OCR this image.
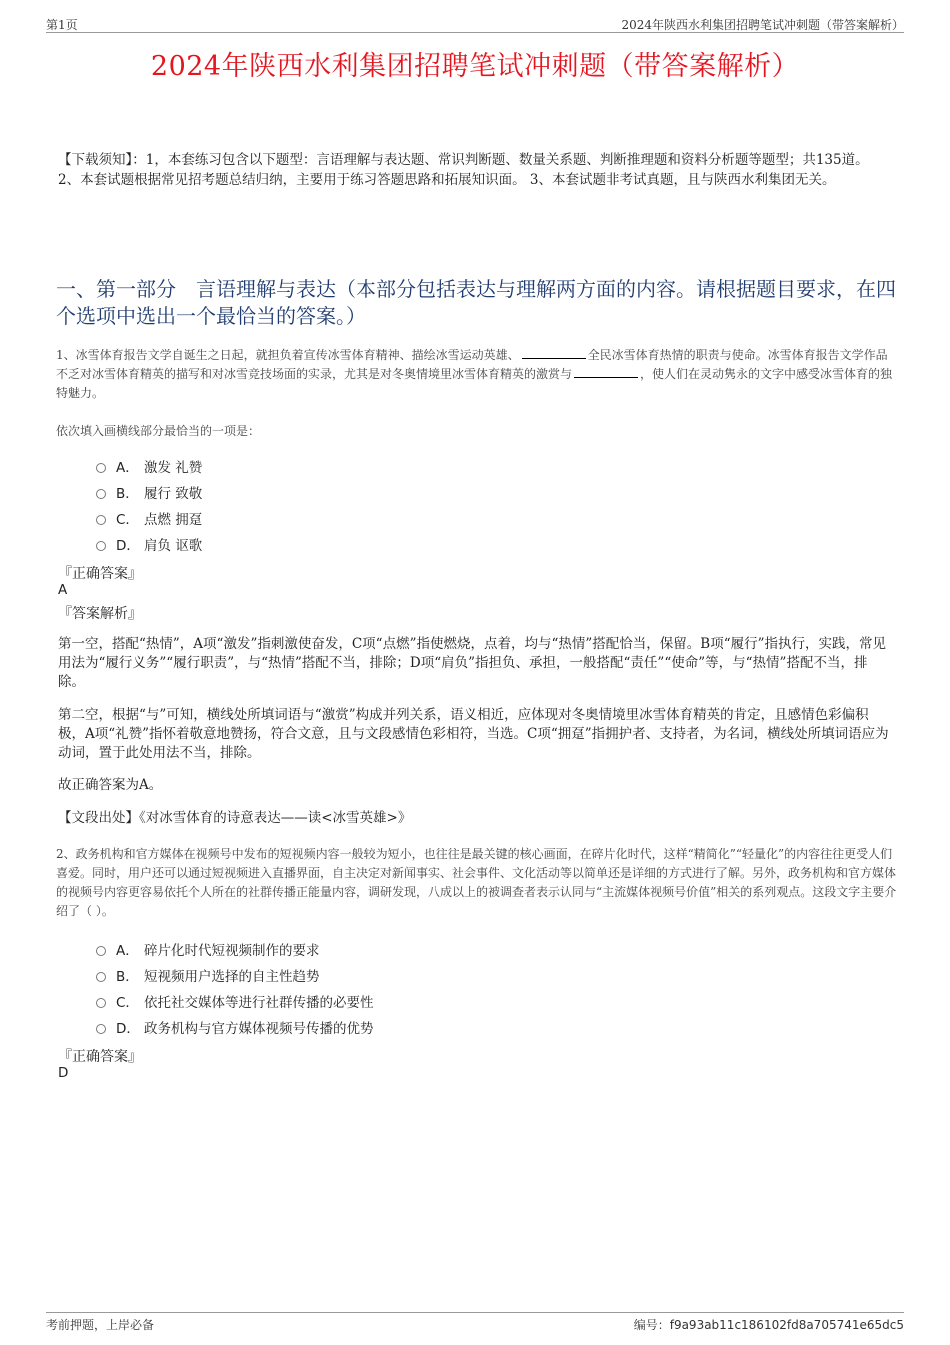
第1页	2024年陕西水利集团招聘笔试冲刺题（带答案解析）
2024年陕西水利集团招聘笔试冲刺题（带答案解析）
【下载须知】：1，本套练习包含以下题型：言语理解与表达题、常识判断题、数量关系题、判断推理题和资料分析题等题型；共135道。 2、本套试题根据常见招考题总结归纳，主要用于练习答题思路和拓展知识面。 3、本套试题非考试真题，且与陕西水利集团无关。
一、第一部分　言语理解与表达（本部分包括表达与理解两方面的内容。请根据题目要求，在四个选项中选出一个最恰当的答案。）
1、冰雪体育报告文学自诞生之日起，就担负着宣传冰雪体育精神、描绘冰雪运动英雄、	全民冰雪体育热情的职责与使命。冰雪体育报告文学作品不乏对冰雪体育精英的描写和对冰雪竞技场面的实录，尤其是对冬奥情境里冰雪体育精英的激赏与	，使人们在灵动隽永的文字中感受冰雪体育的独特魅力。
依次填入画横线部分最恰当的一项是：
A． 激发 礼赞
B． 履行 致敬
C． 点燃 拥趸
D． 肩负 讴歌
『正确答案』
A
『答案解析』
第一空，搭配“热情”，A项“激发”指刺激使奋发，C项“点燃”指使燃烧，点着，均与“热情”搭配恰当，保留。B项“履行”指执行，实践，常见用法为“履行义务”“履行职责”，与“热情”搭配不当，排除；D项“肩负”指担负、承担，一般搭配“责任”“使命”等，与“热情”搭配不当，排除。
第二空，根据“与”可知，横线处所填词语与“激赏”构成并列关系，语义相近，应体现对冬奥情境里冰雪体育精英的肯定，且感情色彩偏积极，A项“礼赞”指怀着敬意地赞扬，符合文意，且与文段感情色彩相符，当选。C项“拥趸”指拥护者、支持者，为名词，横线处所填词语应为动词，置于此处用法不当，排除。
故正确答案为A。
【文段出处】《对冰雪体育的诗意表达——读<冰雪英雄>》
2、政务机构和官方媒体在视频号中发布的短视频内容一般较为短小，也往往是最关键的核心画面，在碎片化时代，这样“精简化”“轻量化”的内容往往更受人们喜爱。同时，用户还可以通过短视频进入直播界面，自主决定对新闻事实、社会事件、文化活动等以简单还是详细的方式进行了解。另外，政务机构和官方媒体的视频号内容更容易依托个人所在的社群传播正能量内容，调研发现，八成以上的被调查者表示认同与“主流媒体视频号价值”相关的系列观点。这段文字主要介绍了（ ）。
A． 碎片化时代短视频制作的要求
B． 短视频用户选择的自主性趋势
C． 依托社交媒体等进行社群传播的必要性
D． 政务机构与官方媒体视频号传播的优势
『正确答案』
D
考前押题，上岸必备	编号：f9a93ab11c186102fd8a705741e65dc5
